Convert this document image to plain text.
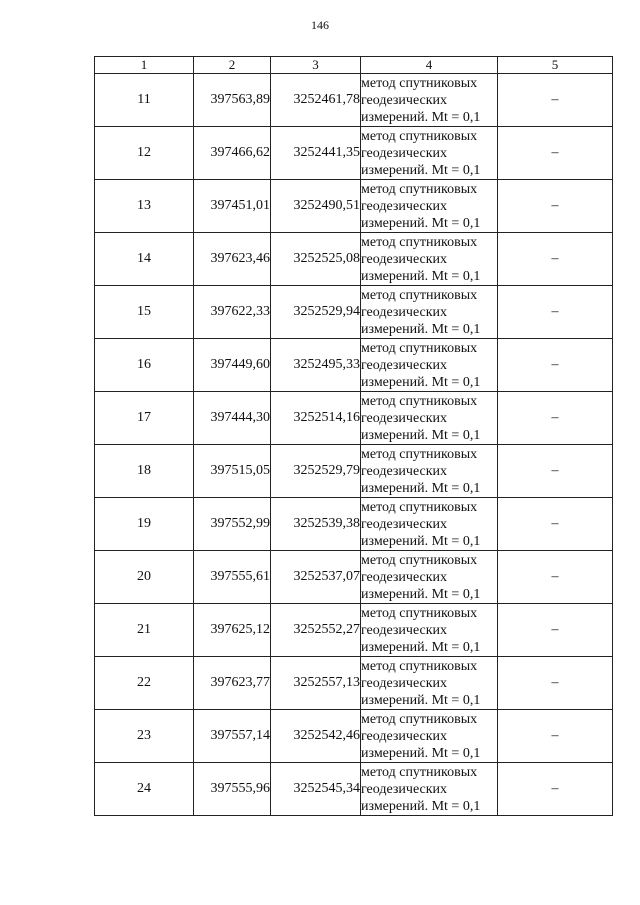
146
1	2	3	4	5
11	397563,89	3252461,78	метод спутниковых
геодезических
измерений. Mt = 0,1	–
12	397466,62	3252441,35	метод спутниковых
геодезических
измерений. Mt = 0,1	–
13	397451,01	3252490,51	метод спутниковых
геодезических
измерений. Mt = 0,1	–
14	397623,46	3252525,08	метод спутниковых
геодезических
измерений. Mt = 0,1	–
15	397622,33	3252529,94	метод спутниковых
геодезических
измерений. Mt = 0,1	–
16	397449,60	3252495,33	метод спутниковых
геодезических
измерений. Mt = 0,1	–
17	397444,30	3252514,16	метод спутниковых
геодезических
измерений. Mt = 0,1	–
18	397515,05	3252529,79	метод спутниковых
геодезических
измерений. Mt = 0,1	–
19	397552,99	3252539,38	метод спутниковых
геодезических
измерений. Mt = 0,1	–
20	397555,61	3252537,07	метод спутниковых
геодезических
измерений. Mt = 0,1	–
21	397625,12	3252552,27	метод спутниковых
геодезических
измерений. Mt = 0,1	–
22	397623,77	3252557,13	метод спутниковых
геодезических
измерений. Mt = 0,1	–
23	397557,14	3252542,46	метод спутниковых
геодезических
измерений. Mt = 0,1	–
24	397555,96	3252545,34	метод спутниковых
геодезических
измерений. Mt = 0,1	–
